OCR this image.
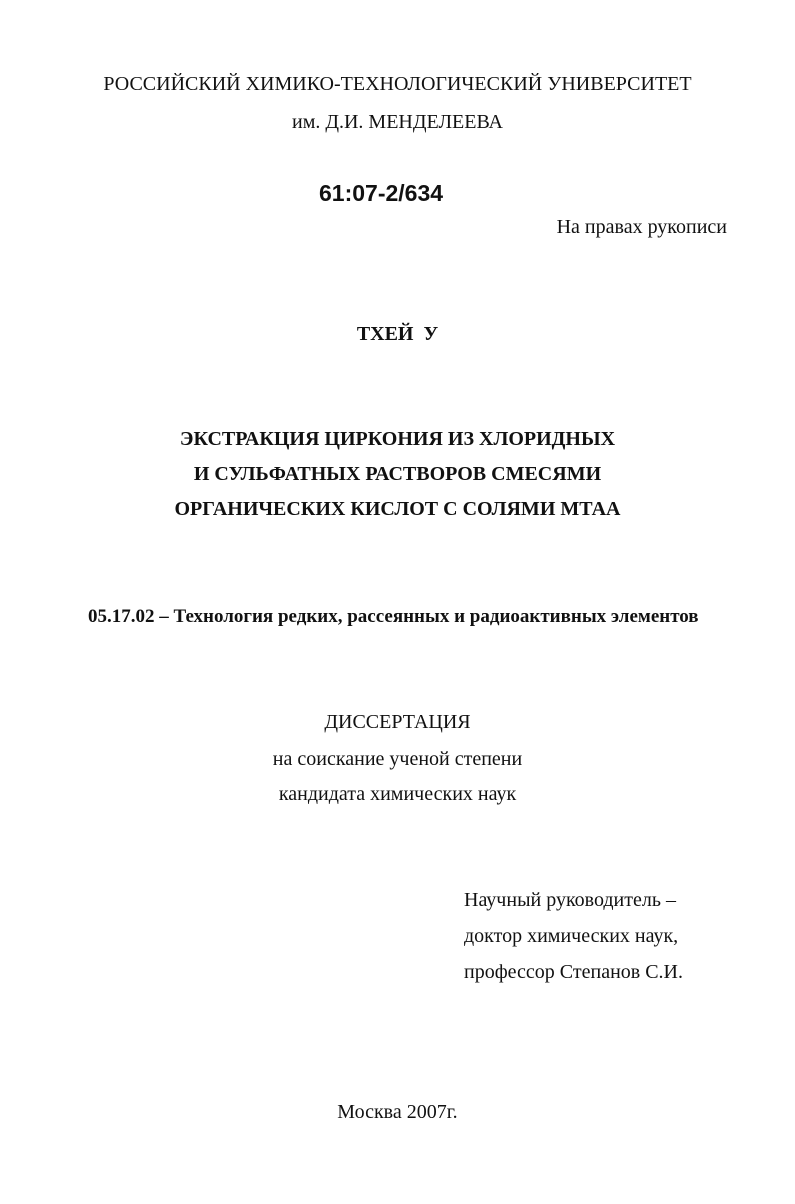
РОССИЙСКИЙ ХИМИКО-ТЕХНОЛОГИЧЕСКИЙ УНИВЕРСИТЕТ
им. Д.И. МЕНДЕЛЕЕВА
61:07-2/634
На правах рукописи
ТХЕЙ  У
ЭКСТРАКЦИЯ ЦИРКОНИЯ ИЗ ХЛОРИДНЫХ
И СУЛЬФАТНЫХ РАСТВОРОВ СМЕСЯМИ
ОРГАНИЧЕСКИХ КИСЛОТ С СОЛЯМИ МТАА
05.17.02 – Технология редких, рассеянных и радиоактивных элементов
ДИССЕРТАЦИЯ
на соискание ученой степени
кандидата химических наук
Научный руководитель –
доктор химических наук,
профессор Степанов С.И.
Москва 2007г.
